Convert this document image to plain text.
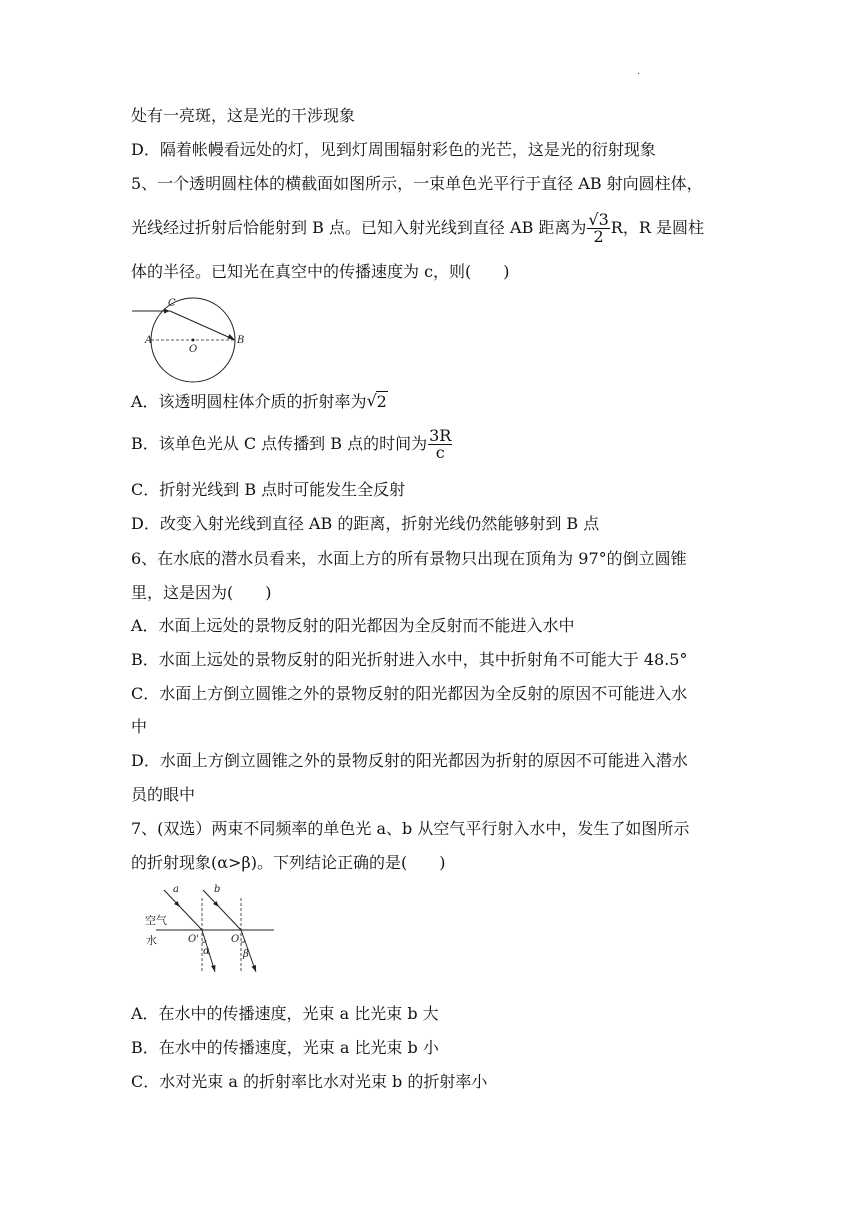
.
处有一亮斑，这是光的干涉现象
D．隔着帐幔看远处的灯，见到灯周围辐射彩色的光芒，这是光的衍射现象
5、一个透明圆柱体的横截面如图所示，一束单色光平行于直径 AB 射向圆柱体，
光线经过折射后恰能射到 B 点。已知入射光线到直径 AB 距离为 $\frac{√3}{2}$ R，R 是圆柱
体的半径。已知光在真空中的传播速度为 c，则(　　)
C
A
O
B
A．该透明圆柱体介质的折射率为 √ 2
B．该单色光从 C 点传播到 B 点的时间为 $\frac{3R}{c}$
C．折射光线到 B 点时可能发生全反射
D．改变入射光线到直径 AB 的距离，折射光线仍然能够射到 B 点
6、在水底的潜水员看来，水面上方的所有景物只出现在顶角为 97°的倒立圆锥
里，这是因为(　　)
A．水面上远处的景物反射的阳光都因为全反射而不能进入水中
B．水面上远处的景物反射的阳光折射进入水中，其中折射角不可能大于 48.5°
C．水面上方倒立圆锥之外的景物反射的阳光都因为全反射的原因不可能进入水
中
D．水面上方倒立圆锥之外的景物反射的阳光都因为折射的原因不可能进入潜水
员的眼中
7、(双选）两束不同频率的单色光 a、b 从空气平行射入水中，发生了如图所示
的折射现象(α>β)。下列结论正确的是(　　)
a	b
空气
水	O'	O
α	β
A．在水中的传播速度，光束 a 比光束 b 大
B．在水中的传播速度，光束 a 比光束 b 小
C．水对光束 a 的折射率比水对光束 b 的折射率小
